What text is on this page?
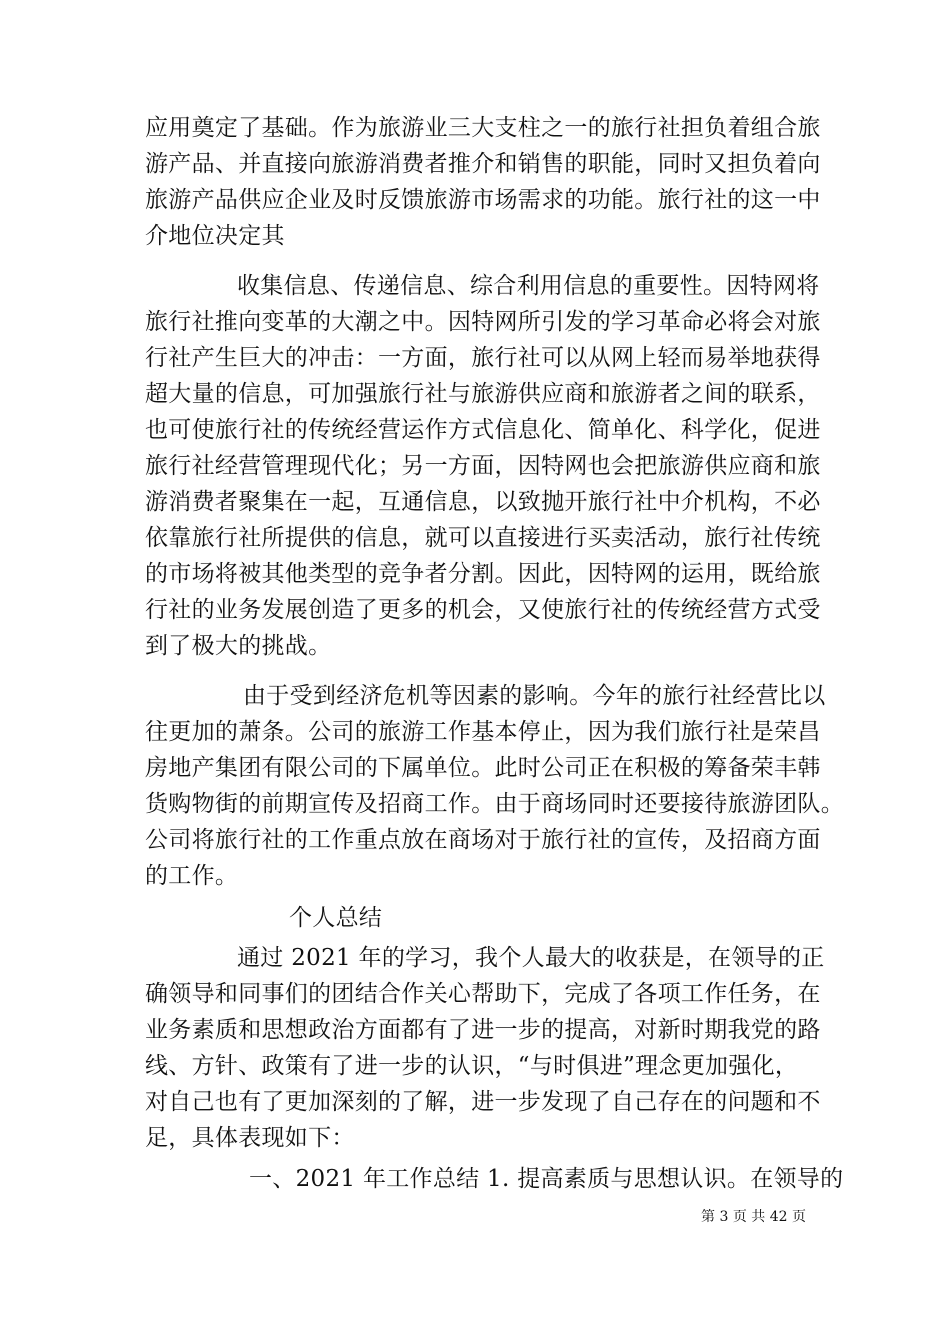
应用奠定了基础。作为旅游业三大支柱之一的旅行社担负着组合旅
游产品、并直接向旅游消费者推介和销售的职能，同时又担负着向
旅游产品供应企业及时反馈旅游市场需求的功能。旅行社的这一中
介地位决定其
收集信息、传递信息、综合利用信息的重要性。因特网将
旅行社推向变革的大潮之中。因特网所引发的学习革命必将会对旅
行社产生巨大的冲击：一方面，旅行社可以从网上轻而易举地获得
超大量的信息，可加强旅行社与旅游供应商和旅游者之间的联系，
也可使旅行社的传统经营运作方式信息化、简单化、科学化，促进
旅行社经营管理现代化；另一方面，因特网也会把旅游供应商和旅
游消费者聚集在一起，互通信息，以致抛开旅行社中介机构，不必
依靠旅行社所提供的信息，就可以直接进行买卖活动，旅行社传统
的市场将被其他类型的竞争者分割。因此，因特网的运用，既给旅
行社的业务发展创造了更多的机会，又使旅行社的传统经营方式受
到了极大的挑战。
由于受到经济危机等因素的影响。今年的旅行社经营比以
往更加的萧条。公司的旅游工作基本停止，因为我们旅行社是荣昌
房地产集团有限公司的下属单位。此时公司正在积极的筹备荣丰韩
货购物街的前期宣传及招商工作。由于商场同时还要接待旅游团队。
公司将旅行社的工作重点放在商场对于旅行社的宣传，及招商方面
的工作。
个人总结
通过 2021 年的学习，我个人最大的收获是，在领导的正
确领导和同事们的团结合作关心帮助下，完成了各项工作任务，在
业务素质和思想政治方面都有了进一步的提高，对新时期我党的路
线、方针、政策有了进一步的认识，“与时俱进”理念更加强化，
对自己也有了更加深刻的了解，进一步发现了自己存在的问题和不
足，具体表现如下：
一、2021 年工作总结 1. 提高素质与思想认识。在领导的
第 3 页 共 42 页
